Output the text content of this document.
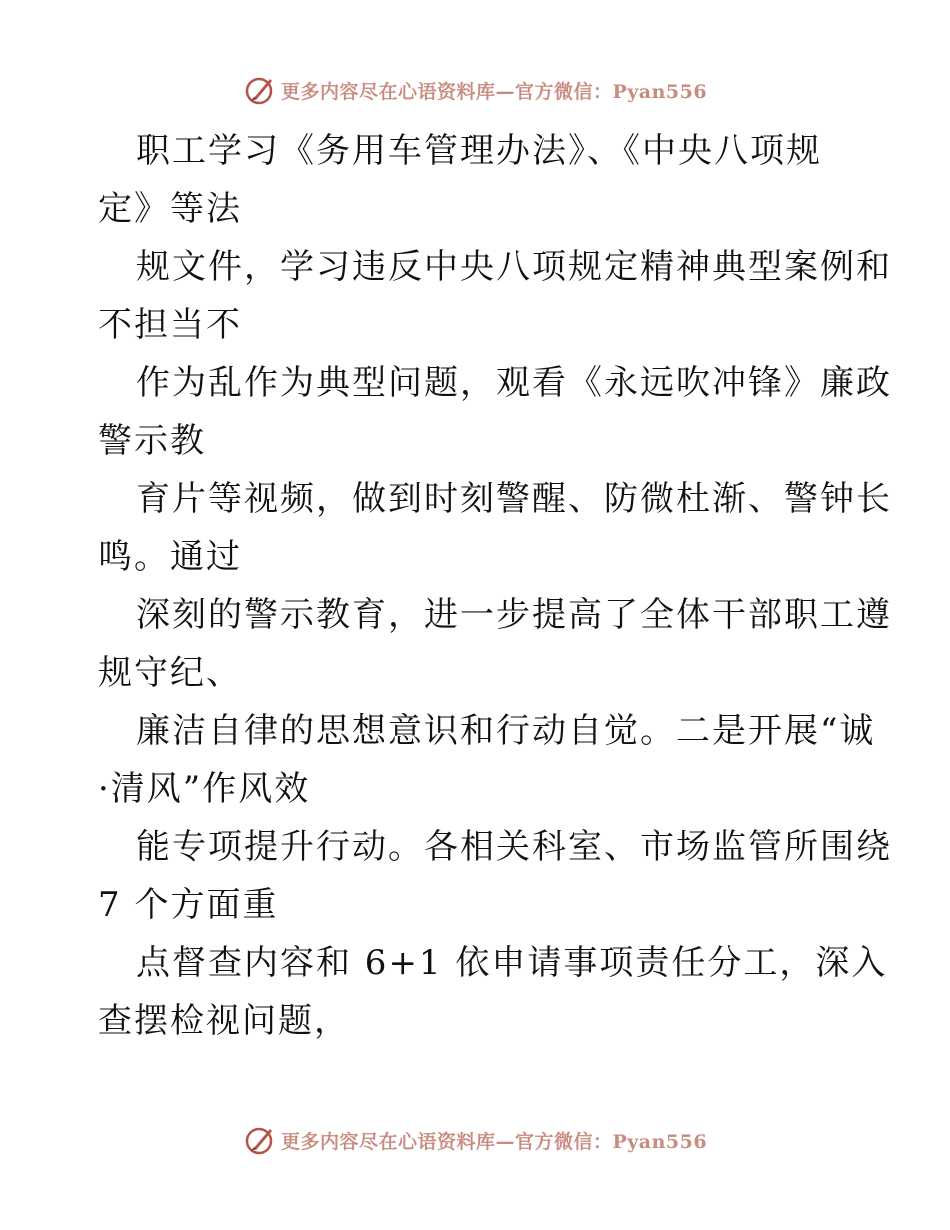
更多内容尽在心语资料库—官方微信：Pyan556

职工学习《务用车管理办法》、《中央八项规
定》等法

规文件，学习违反中央八项规定精神典型案例和
不担当不

作为乱作为典型问题，观看《永远吹冲锋》廉政
警示教

育片等视频，做到时刻警醒、防微杜渐、警钟长
鸣。通过

深刻的警示教育，进一步提高了全体干部职工遵
规守纪、

廉洁自律的思想意识和行动自觉。二是开展“诚
·清风”作风效

能专项提升行动。各相关科室、市场监管所围绕
7 个方面重

点督查内容和 6+1 依申请事项责任分工，深入
查摆检视问题，

更多内容尽在心语资料库—官方微信：Pyan556
